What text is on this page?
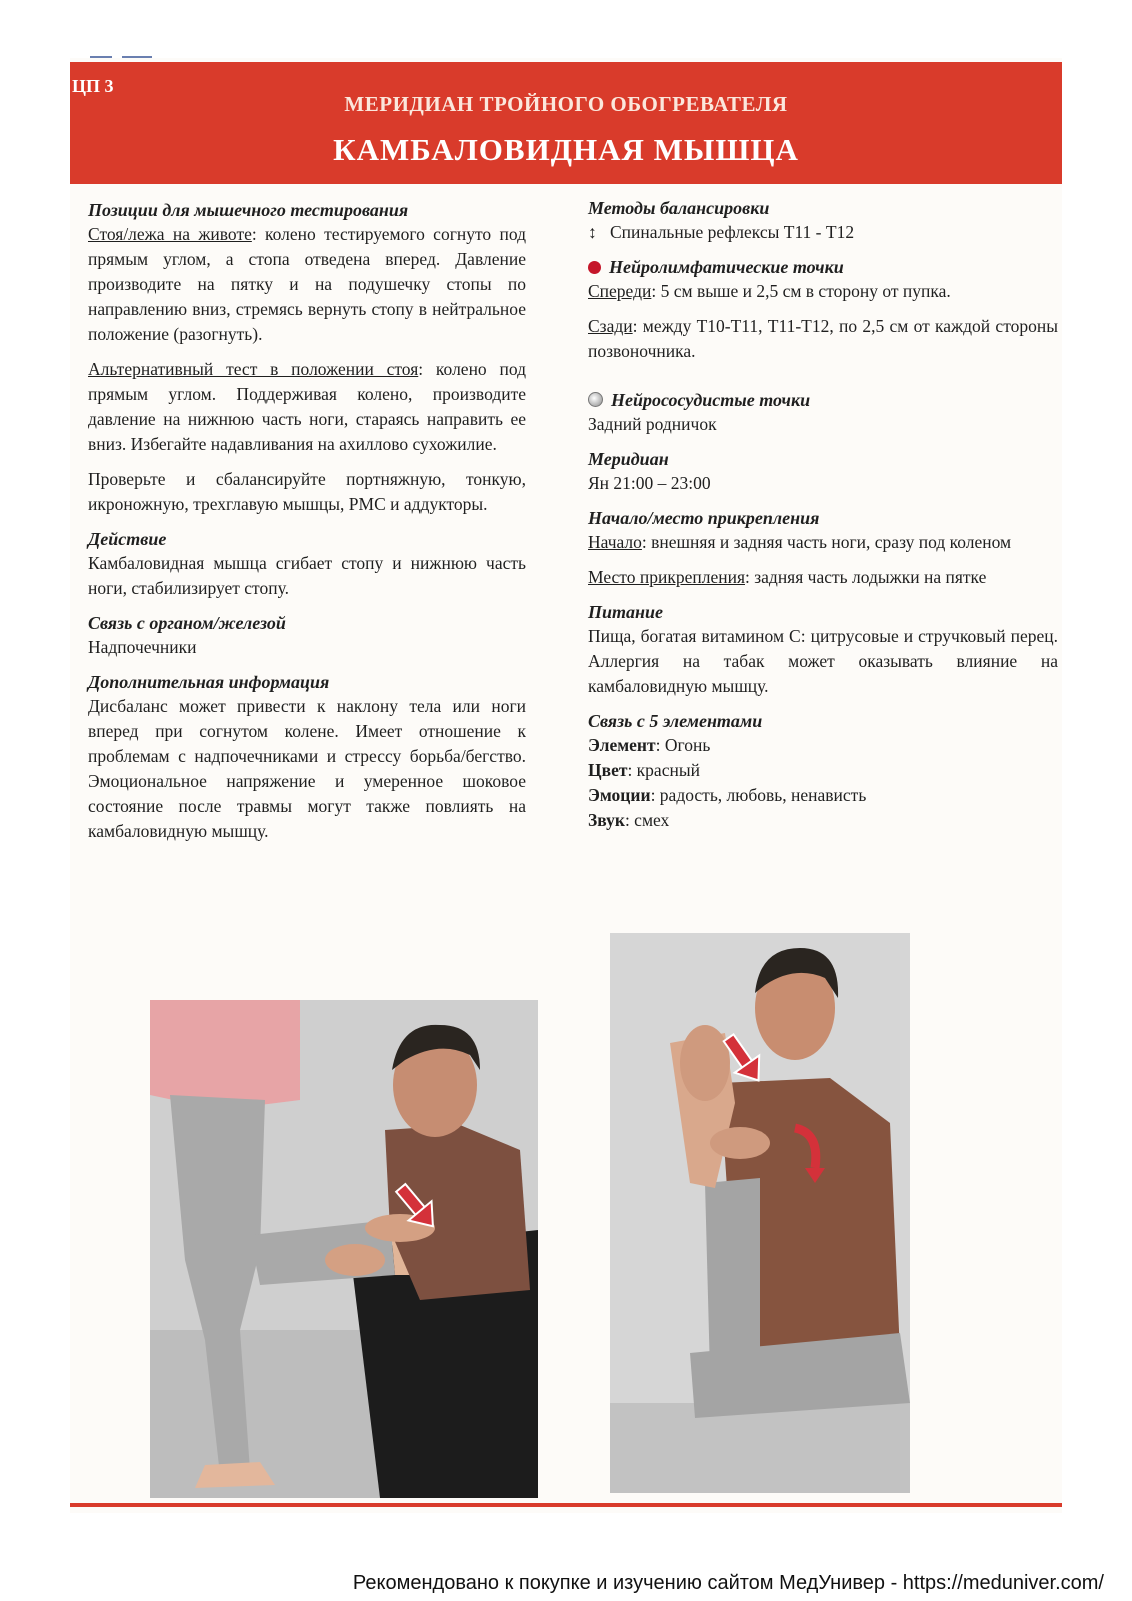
ЦП 3
МЕРИДИАН ТРОЙНОГО ОБОГРЕВАТЕЛЯ
КАМБАЛОВИДНАЯ МЫШЦА

Позиции для мышечного тестирования

Стоя/лежа на животе: колено тестируемого согнуто под прямым углом, а стопа отведена вперед. Давление производите на пятку и на подушечку стопы по направлению вниз, стремясь вернуть стопу в нейтральное положение (разогнуть).

Альтернативный тест в положении стоя: колено под прямым углом. Поддерживая колено, производите давление на нижнюю часть ноги, стараясь направить ее вниз. Избегайте надавливания на ахиллово сухожилие.

Проверьте и сбалансируйте портняжную, тонкую, икроножную, трехглавую мышцы, PMC и аддукторы.

Действие

Камбаловидная мышца сгибает стопу и нижнюю часть ноги, стабилизирует стопу.

Связь с органом/железой

Надпочечники

Дополнительная информация

Дисбаланс может привести к наклону тела или ноги вперед при согнутом колене. Имеет отношение к проблемам с надпочечниками и стрессу борьба/бегство. Эмоциональное напряжение и умеренное шоковое состояние после травмы могут также повлиять на камбаловидную мышцу.

Методы балансировки

↕ Спинальные рефлексы Т11 - Т12

Нейролимфатические точки

Спереди: 5 см выше и 2,5 см в сторону от пупка.

Сзади: между Т10-Т11, Т11-Т12, по 2,5 см от каждой стороны позвоночника.

Нейрососудистые точки

Задний родничок

Меридиан

Ян 21:00 – 23:00

Начало/место прикрепления

Начало: внешняя и задняя часть ноги, сразу под коленом

Место прикрепления: задняя часть лодыжки на пятке

Питание

Пища, богатая витамином С: цитрусовые и стручковый перец. Аллергия на табак может оказывать влияние на камбаловидную мышцу.

Связь с 5 элементами

Элемент: Огонь

Цвет: красный

Эмоции: радость, любовь, ненависть

Звук: смех

Рекомендовано к покупке и изучению сайтом МедУнивер - https://meduniver.com/
